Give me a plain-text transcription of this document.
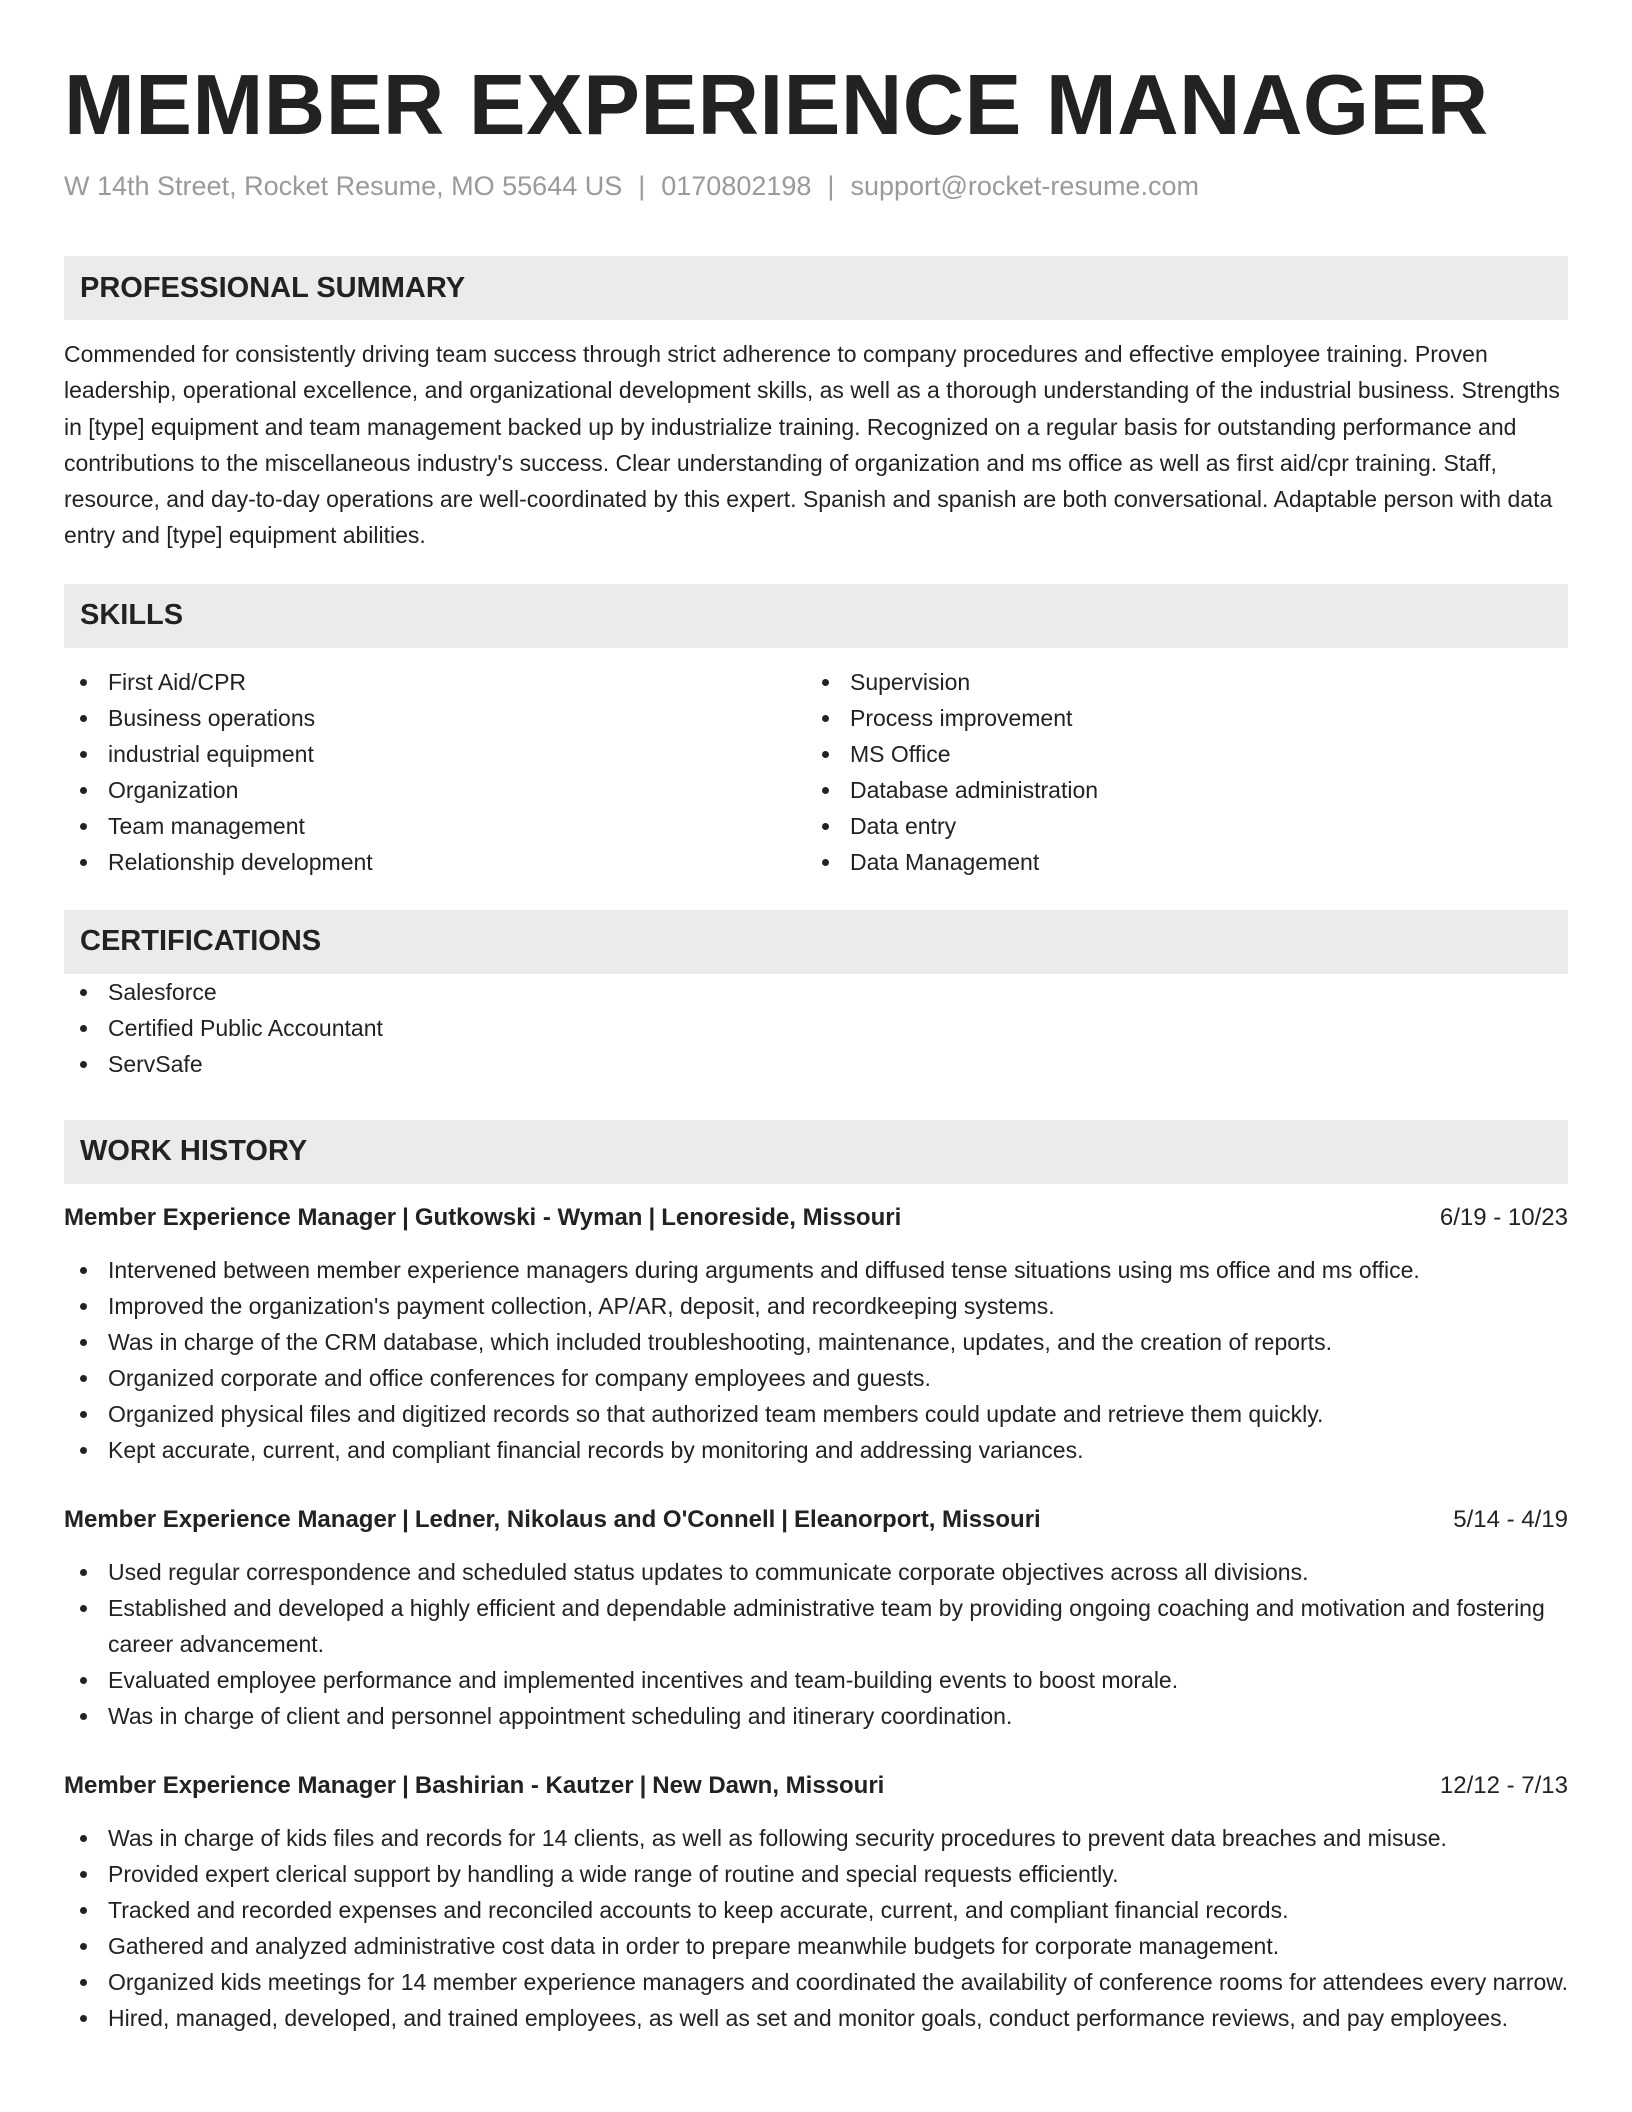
MEMBER EXPERIENCE MANAGER
W 14th Street, Rocket Resume, MO 55644 US | 0170802198 | support@rocket-resume.com
PROFESSIONAL SUMMARY
Commended for consistently driving team success through strict adherence to company procedures and effective employee training. Proven leadership, operational excellence, and organizational development skills, as well as a thorough understanding of the industrial business. Strengths in [type] equipment and team management backed up by industrialize training. Recognized on a regular basis for outstanding performance and contributions to the miscellaneous industry's success. Clear understanding of organization and ms office as well as first aid/cpr training. Staff, resource, and day-to-day operations are well-coordinated by this expert. Spanish and spanish are both conversational. Adaptable person with data entry and [type] equipment abilities.
SKILLS
First Aid/CPR
Business operations
industrial equipment
Organization
Team management
Relationship development
Supervision
Process improvement
MS Office
Database administration
Data entry
Data Management
CERTIFICATIONS
Salesforce
Certified Public Accountant
ServSafe
WORK HISTORY
Member Experience Manager | Gutkowski - Wyman | Lenoreside, Missouri	6/19 - 10/23
Intervened between member experience managers during arguments and diffused tense situations using ms office and ms office.
Improved the organization's payment collection, AP/AR, deposit, and recordkeeping systems.
Was in charge of the CRM database, which included troubleshooting, maintenance, updates, and the creation of reports.
Organized corporate and office conferences for company employees and guests.
Organized physical files and digitized records so that authorized team members could update and retrieve them quickly.
Kept accurate, current, and compliant financial records by monitoring and addressing variances.
Member Experience Manager | Ledner, Nikolaus and O'Connell | Eleanorport, Missouri	5/14 - 4/19
Used regular correspondence and scheduled status updates to communicate corporate objectives across all divisions.
Established and developed a highly efficient and dependable administrative team by providing ongoing coaching and motivation and fostering career advancement.
Evaluated employee performance and implemented incentives and team-building events to boost morale.
Was in charge of client and personnel appointment scheduling and itinerary coordination.
Member Experience Manager | Bashirian - Kautzer | New Dawn, Missouri	12/12 - 7/13
Was in charge of kids files and records for 14 clients, as well as following security procedures to prevent data breaches and misuse.
Provided expert clerical support by handling a wide range of routine and special requests efficiently.
Tracked and recorded expenses and reconciled accounts to keep accurate, current, and compliant financial records.
Gathered and analyzed administrative cost data in order to prepare meanwhile budgets for corporate management.
Organized kids meetings for 14 member experience managers and coordinated the availability of conference rooms for attendees every narrow.
Hired, managed, developed, and trained employees, as well as set and monitor goals, conduct performance reviews, and pay employees.
